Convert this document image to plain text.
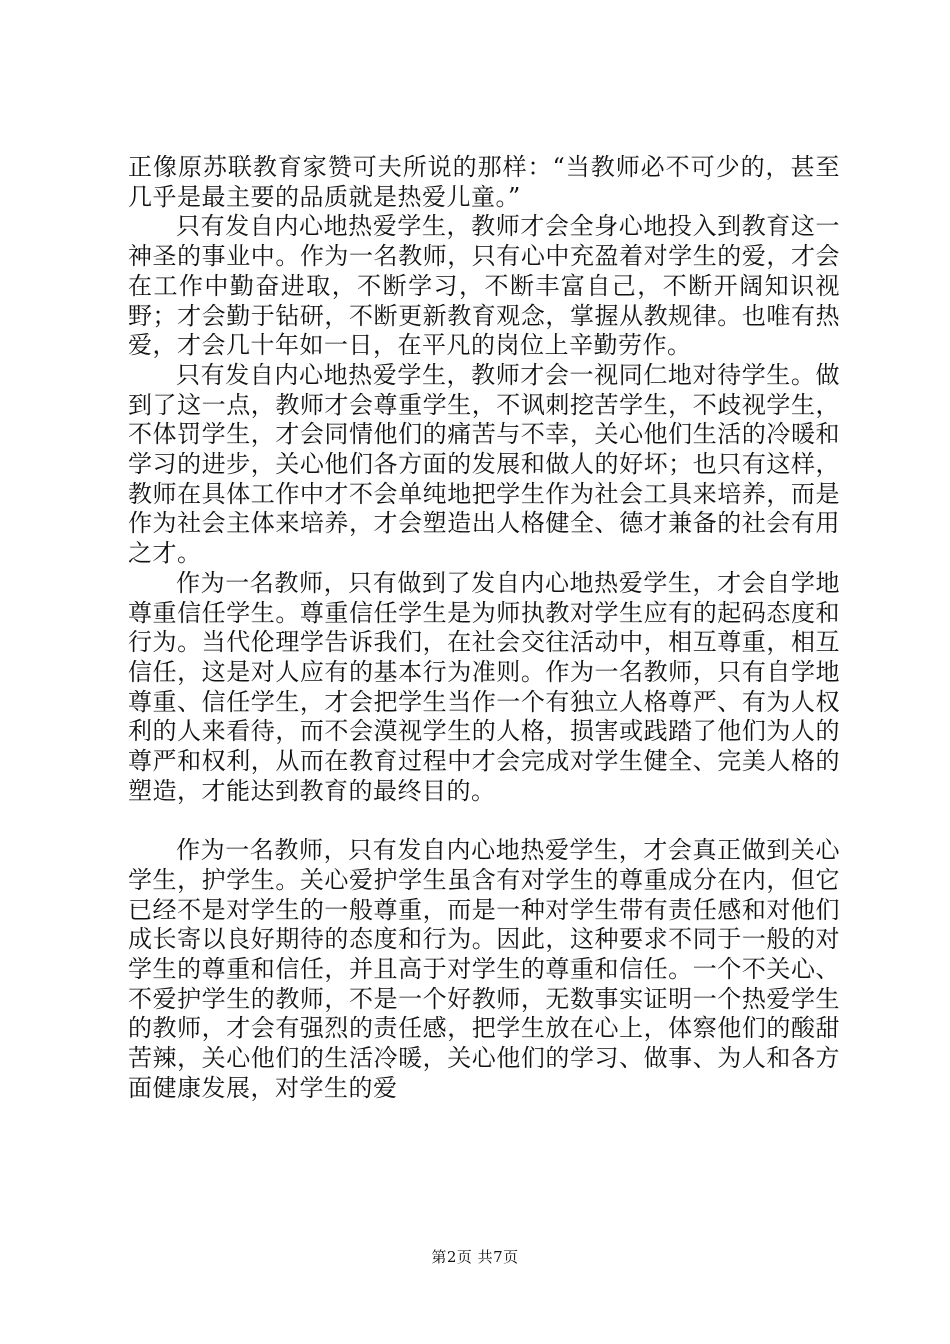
正像原苏联教育家赞可夫所说的那样：“当教师必不可少的，甚至几乎是最主要的品质就是热爱儿童。”

只有发自内心地热爱学生，教师才会全身心地投入到教育这一神圣的事业中。作为一名教师，只有心中充盈着对学生的爱，才会在工作中勤奋进取，不断学习，不断丰富自己，不断开阔知识视野；才会勤于钻研，不断更新教育观念，掌握从教规律。也唯有热爱，才会几十年如一日，在平凡的岗位上辛勤劳作。

只有发自内心地热爱学生，教师才会一视同仁地对待学生。做到了这一点，教师才会尊重学生，不讽刺挖苦学生，不歧视学生，不体罚学生，才会同情他们的痛苦与不幸，关心他们生活的冷暖和学习的进步，关心他们各方面的发展和做人的好坏；也只有这样，教师在具体工作中才不会单纯地把学生作为社会工具来培养，而是作为社会主体来培养，才会塑造出人格健全、德才兼备的社会有用之才。

作为一名教师，只有做到了发自内心地热爱学生，才会自学地尊重信任学生。尊重信任学生是为师执教对学生应有的起码态度和行为。当代伦理学告诉我们，在社会交往活动中，相互尊重，相互信任，这是对人应有的基本行为准则。作为一名教师，只有自学地尊重、信任学生，才会把学生当作一个有独立人格尊严、有为人权利的人来看待，而不会漠视学生的人格，损害或践踏了他们为人的尊严和权利，从而在教育过程中才会完成对学生健全、完美人格的塑造，才能达到教育的最终目的。

作为一名教师，只有发自内心地热爱学生，才会真正做到关心学生，护学生。关心爱护学生虽含有对学生的尊重成分在内，但它已经不是对学生的一般尊重，而是一种对学生带有责任感和对他们成长寄以良好期待的态度和行为。因此，这种要求不同于一般的对学生的尊重和信任，并且高于对学生的尊重和信任。一个不关心、不爱护学生的教师，不是一个好教师，无数事实证明一个热爱学生的教师，才会有强烈的责任感，把学生放在心上，体察他们的酸甜苦辣，关心他们的生活冷暖，关心他们的学习、做事、为人和各方面健康发展，对学生的爱

第2页 共7页
